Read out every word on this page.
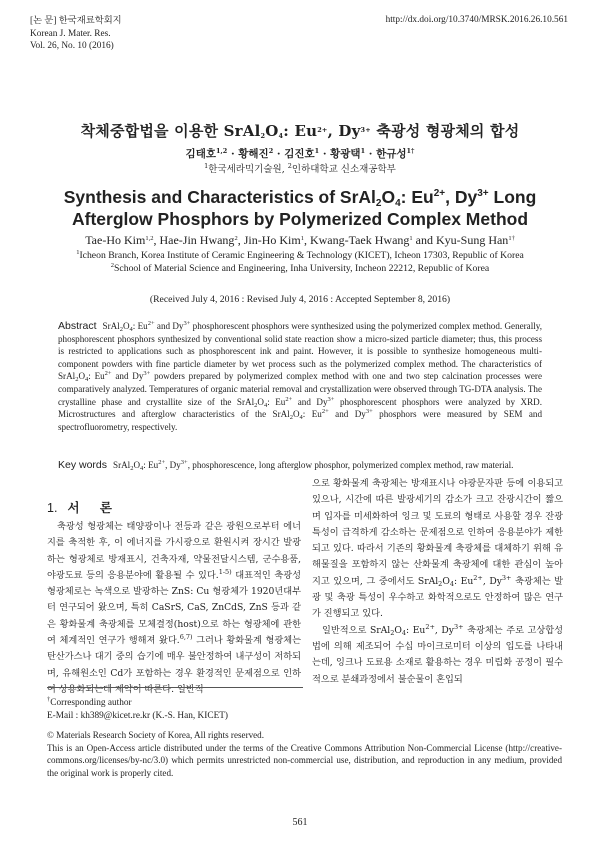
[논 문] 한국재료학회지
Korean J. Mater. Res.
Vol. 26, No. 10 (2016)
http://dx.doi.org/10.3740/MRSK.2016.26.10.561
착체중합법을 이용한 $SrAl_2O_4$: $Eu^{2+}$, $Dy^{3+}$ 축광성 형광체의 합성
김태호$^{1,2}$ · 황해진$^2$ · 김진호$^1$ · 황광택$^1$ · 한규성$^{1\dagger}$
$^1$한국세라믹기술원, $^2$인하대학교 신소재공학부
Synthesis and Characteristics of $SrAl_2O_4$: $Eu^{2+}$, $Dy^{3+}$ Long
Afterglow Phosphors by Polymerized Complex Method
Tae-Ho Kim$^{1,2}$, Hae-Jin Hwang$^2$, Jin-Ho Kim$^1$, Kwang-Taek Hwang$^1$ and Kyu-Sung Han$^{1\dagger}$
$^1$Icheon Branch, Korea Institute of Ceramic Engineering & Technology (KICET), Icheon 17303, Republic of Korea
$^2$School of Material Science and Engineering, Inha University, Incheon 22212, Republic of Korea
(Received July 4, 2016 : Revised July 4, 2016 : Accepted September 8, 2016)
Abstract $SrAl_2O_4$: $Eu^{2+}$ and $Dy^{3+}$ phosphorescent phosphors were synthesized using the polymerized complex method. Generally, phosphorescent phosphors synthesized by conventional solid state reaction show a micro-sized particle diameter; thus, this process is restricted to applications such as phosphorescent ink and paint. However, it is possible to synthesize homogeneous multi-component powders with fine particle diameter by wet process such as the polymerized complex method. The characteristics of $SrAl_2O_4$: $Eu^{2+}$ and $Dy^{3+}$ powders prepared by polymerized complex method with one and two step calcination processes were comparatively analyzed. Temperatures of organic material removal and crystallization were observed through TG-DTA analysis. The crystalline phase and crystallite size of the $SrAl_2O_4$: $Eu^{2+}$ and $Dy^{3+}$ phosphorescent phosphors were analyzed by XRD. Microstructures and afterglow characteristics of the $SrAl_2O_4$: $Eu^{2+}$ and $Dy^{3+}$ phosphors were measured by SEM and spectrofluorometry, respectively.
Key words $SrAl_2O_4$: $Eu^{2+}$, $Dy^{3+}$, phosphorescence, long afterglow phosphor, polymerized complex method, raw material.
1. 서 론
축광성 형광체는 태양광이나 전등과 같은 광원으로부터 에너지를 축적한 후, 이 에너지를 가시광으로 환원시켜 장시간 발광하는 형광체로 방재표시, 건축자재, 약물전달시스템, 군수용품, 야광도료 등의 응용분야에 활용될 수 있다.$^{1-5)}$ 대표적인 축광성 형광체로는 녹색으로 발광하는 ZnS: Cu 형광체가 1920년대부터 연구되어 왔으며, 특히 CaSrS, CaS, ZnCdS, ZnS 등과 같은 황화물계 축광체를 모체결정(host)으로 하는 형광체에 관한여 체계적인 연구가 행해져 왔다.$^{6,7)}$ 그러나 황화물계 형광체는 탄산가스나 대기 중의 습기에 매우 불안정하여 내구성이 저하되며, 유해원소인 Cd가 포함하는 경우 환경적인 문제점으로 인하여 상용화되는데 제약이 따른다. 일반적
으로 황화물계 축광체는 방재표시나 야광문자판 등에 이용되고 있으나, 시간에 따른 발광세기의 감소가 크고 잔광시간이 짧으며 입자를 미세화하여 잉크 및 도료의 형태로 사용할 경우 잔광 특성이 급격하게 감소하는 문제점으로 인하여 응용분야가 제한되고 있다. 따라서 기존의 황화물계 축광체를 대체하기 위해 유해물질을 포함하지 않는 산화물계 축광체에 대한 관심이 높아지고 있으며, 그 중에서도 $SrAl_2O_4$: $Eu^{2+}$, $Dy^{3+}$ 축광체는 발광 및 축광 특성이 우수하고 화학적으로도 안정하여 많은 연구가 진행되고 있다.
일반적으로 $SrAl_2O_4$: $Eu^{2+}$, $Dy^{3+}$ 축광체는 주로 고상합성법에 의해 제조되어 수십 마이크로미터 이상의 입도를 나타내는데, 잉크나 도료용 소재로 활용하는 경우 미립화 공정이 필수적으로 분쇄과정에서 불순물이 혼입되
†Corresponding author
E-Mail : kh389@kicet.re.kr (K.-S. Han, KICET)
© Materials Research Society of Korea, All rights reserved.
This is an Open-Access article distributed under the terms of the Creative Commons Attribution Non-Commercial License (http://creative-commons.org/licenses/by-nc/3.0) which permits unrestricted non-commercial use, distribution, and reproduction in any medium, provided the original work is properly cited.
561
